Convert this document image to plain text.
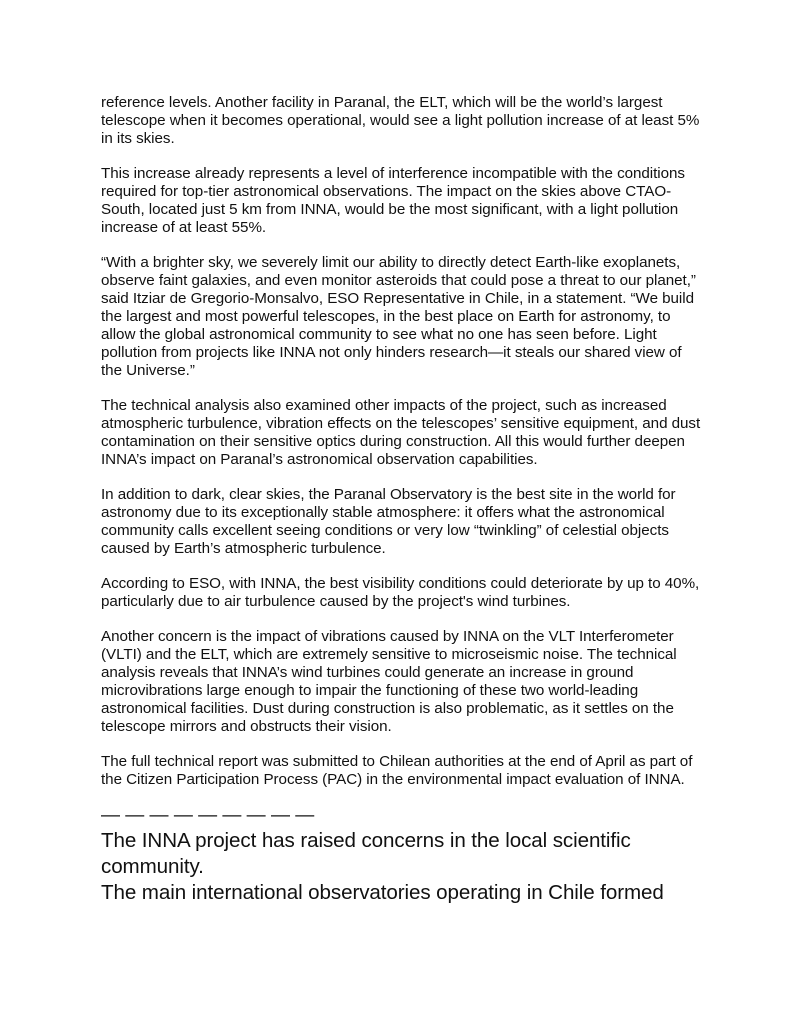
reference levels. Another facility in Paranal, the ELT, which will be the world’s largest telescope when it becomes operational, would see a light pollution increase of at least 5% in its skies.

This increase already represents a level of interference incompatible with the conditions required for top-tier astronomical observations. The impact on the skies above CTAO-South, located just 5 km from INNA, would be the most significant, with a light pollution increase of at least 55%.

“With a brighter sky, we severely limit our ability to directly detect Earth-like exoplanets, observe faint galaxies, and even monitor asteroids that could pose a threat to our planet,” said Itziar de Gregorio-Monsalvo, ESO Representative in Chile, in a statement. “We build the largest and most powerful telescopes, in the best place on Earth for astronomy, to allow the global astronomical community to see what no one has seen before. Light pollution from projects like INNA not only hinders research—it steals our shared view of the Universe.”

The technical analysis also examined other impacts of the project, such as increased atmospheric turbulence, vibration effects on the telescopes’ sensitive equipment, and dust contamination on their sensitive optics during construction. All this would further deepen INNA’s impact on Paranal’s astronomical observation capabilities.

In addition to dark, clear skies, the Paranal Observatory is the best site in the world for astronomy due to its exceptionally stable atmosphere: it offers what the astronomical community calls excellent seeing conditions or very low “twinkling” of celestial objects caused by Earth’s atmospheric turbulence.

According to ESO, with INNA, the best visibility conditions could deteriorate by up to 40%, particularly due to air turbulence caused by the project's wind turbines.

Another concern is the impact of vibrations caused by INNA on the VLT Interferometer (VLTI) and the ELT, which are extremely sensitive to microseismic noise. The technical analysis reveals that INNA’s wind turbines could generate an increase in ground microvibrations large enough to impair the functioning of these two world-leading astronomical facilities. Dust during construction is also problematic, as it settles on the telescope mirrors and obstructs their vision.

The full technical report was submitted to Chilean authorities at the end of April as part of the Citizen Participation Process (PAC) in the environmental impact evaluation of INNA.

— — — — — — — — —

The INNA project has raised concerns in the local scientific community.

The main international observatories operating in Chile formed
